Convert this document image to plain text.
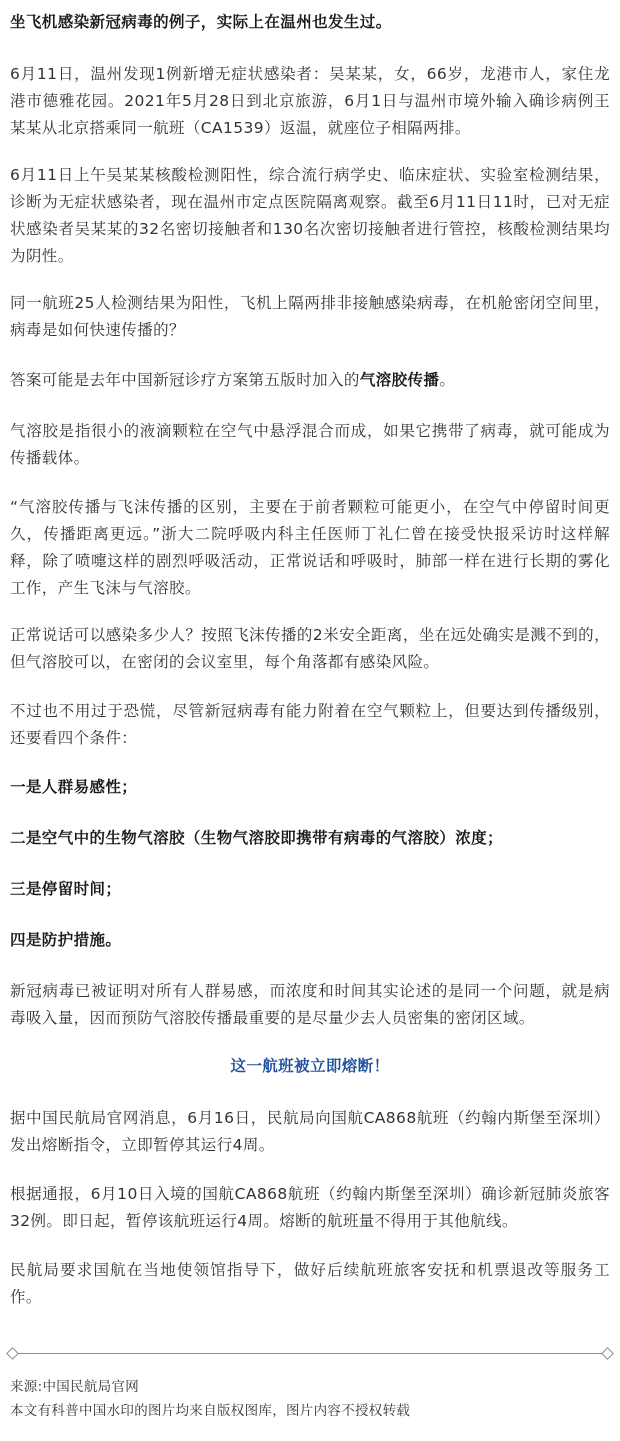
坐飞机感染新冠病毒的例子，实际上在温州也发生过。

6月11日，温州发现1例新增无症状感染者：吴某某，女，66岁，龙港市人，家住龙港市德雅花园。2021年5月28日到北京旅游，6月1日与温州市境外输入确诊病例王某某从北京搭乘同一航班（CA1539）返温，就座位子相隔两排。

6月11日上午吴某某核酸检测阳性，综合流行病学史、临床症状、实验室检测结果，诊断为无症状感染者，现在温州市定点医院隔离观察。截至6月11日11时，已对无症状感染者吴某某的32名密切接触者和130名次密切接触者进行管控，核酸检测结果均为阴性。

同一航班25人检测结果为阳性，飞机上隔两排非接触感染病毒，在机舱密闭空间里，病毒是如何快速传播的？

答案可能是去年中国新冠诊疗方案第五版时加入的气溶胶传播。

气溶胶是指很小的液滴颗粒在空气中悬浮混合而成，如果它携带了病毒，就可能成为传播载体。

“气溶胶传播与飞沫传播的区别，主要在于前者颗粒可能更小，在空气中停留时间更久，传播距离更远。”浙大二院呼吸内科主任医师丁礼仁曾在接受快报采访时这样解释，除了喷嚏这样的剧烈呼吸活动，正常说话和呼吸时，肺部一样在进行长期的雾化工作，产生飞沫与气溶胶。

正常说话可以感染多少人？按照飞沫传播的2米安全距离，坐在远处确实是溅不到的，但气溶胶可以，在密闭的会议室里，每个角落都有感染风险。

不过也不用过于恐慌，尽管新冠病毒有能力附着在空气颗粒上，但要达到传播级别，还要看四个条件：

一是人群易感性；

二是空气中的生物气溶胶（生物气溶胶即携带有病毒的气溶胶）浓度；

三是停留时间；

四是防护措施。

新冠病毒已被证明对所有人群易感，而浓度和时间其实论述的是同一个问题，就是病毒吸入量，因而预防气溶胶传播最重要的是尽量少去人员密集的密闭区域。

这一航班被立即熔断！

据中国民航局官网消息，6月16日，民航局向国航CA868航班（约翰内斯堡至深圳）发出熔断指令，立即暂停其运行4周。

根据通报，6月10日入境的国航CA868航班（约翰内斯堡至深圳）确诊新冠肺炎旅客32例。即日起，暂停该航班运行4周。熔断的航班量不得用于其他航线。

民航局要求国航在当地使领馆指导下，做好后续航班旅客安抚和机票退改等服务工作。

来源:中国民航局官网

本文有科普中国水印的图片均来自版权图库，图片内容不授权转载
